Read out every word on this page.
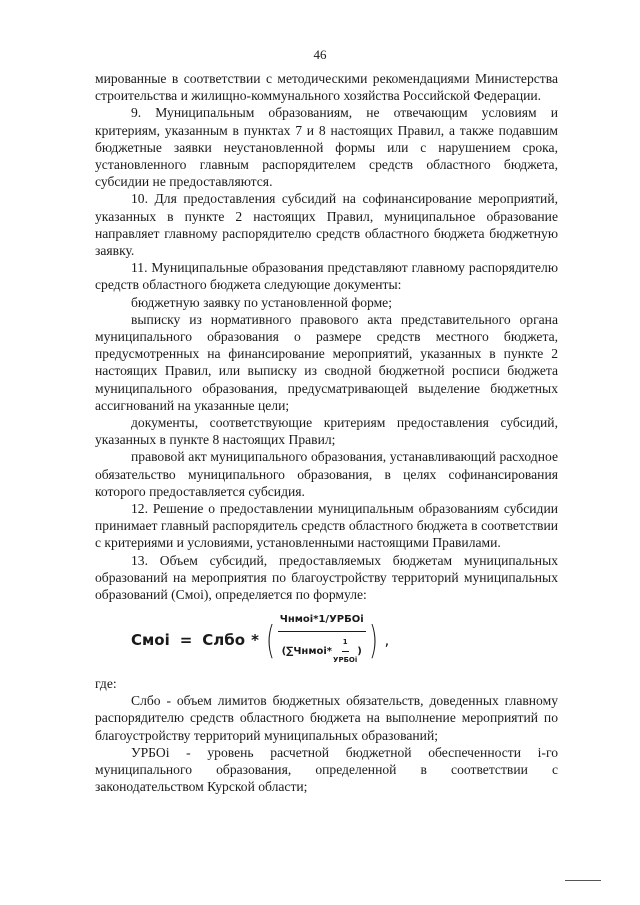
46

мированные в соответствии с методическими рекомендациями Министерства строительства и жилищно-коммунального хозяйства Российской Федерации.

9. Муниципальным образованиям, не отвечающим условиям и критериям, указанным в пунктах 7 и 8 настоящих Правил, а также подавшим бюджетные заявки неустановленной формы или с нарушением срока, установленного главным распорядителем средств областного бюджета, субсидии не предоставляются.

10. Для предоставления субсидий на софинансирование мероприятий, указанных в пункте 2 настоящих Правил, муниципальное образование направляет главному распорядителю средств областного бюджета бюджетную заявку.

11. Муниципальные образования представляют главному распорядителю средств областного бюджета следующие документы:

бюджетную заявку по установленной форме;

выписку из нормативного правового акта представительного органа муниципального образования о размере средств местного бюджета, предусмотренных на финансирование мероприятий, указанных в пункте 2 настоящих Правил, или выписку из сводной бюджетной росписи бюджета муниципального образования, предусматривающей выделение бюджетных ассигнований на указанные цели;

документы, соответствующие критериям предоставления субсидий, указанных в пункте 8 настоящих Правил;

правовой акт муниципального образования, устанавливающий расходное обязательство муниципального образования, в целях софинансирования которого предоставляется субсидия.

12. Решение о предоставлении муниципальным образованиям субсидии принимает главный распорядитель средств областного бюджета в соответствии с критериями и условиями, установленными настоящими Правилами.

13. Объем субсидий, предоставляемых бюджетам муниципальных образований на мероприятия по благоустройству территорий муниципальных образований (Смоi), определяется по формуле:

Смоi = Слбо * ( Чнмоi*1/УРБОi
(∑Чнмоi* $\frac{1}{\text{УРБОi}}$ ) ) ,

где:

Слбо - объем лимитов бюджетных обязательств, доведенных главному распорядителю средств областного бюджета на выполнение мероприятий по благоустройству территорий муниципальных образований;

УРБОi - уровень расчетной бюджетной обеспеченности i-го муниципального образования, определенной в соответствии с законодательством Курской области;
